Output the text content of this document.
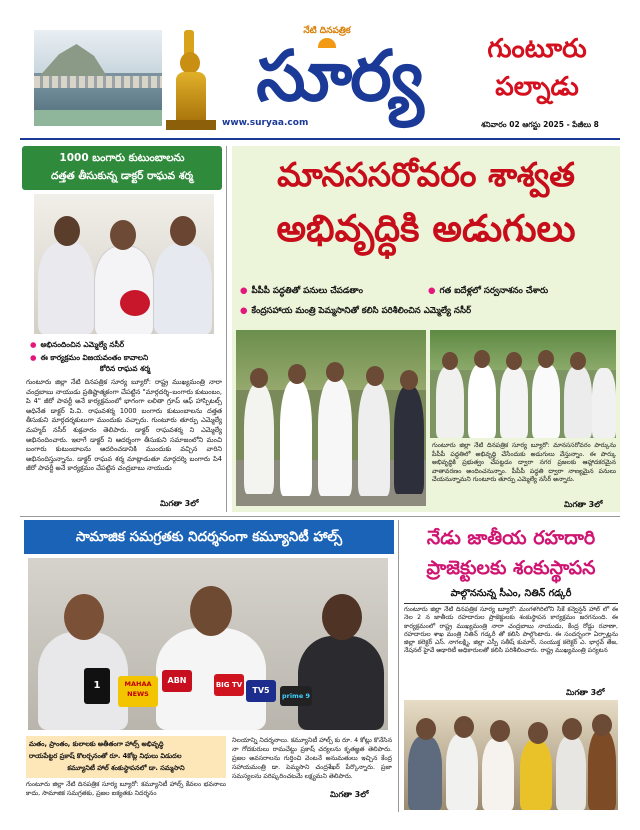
నేటి దినపత్రిక
సూర్య
www.suryaa.com
గుంటూరు
పల్నాడు
శనివారం 02 ఆగస్టు 2025 - పేజీలు 8
1000 బంగారు కుటుంబాలను
దత్తత తీసుకున్న డాక్టర్ రాఘవ శర్మ
● అభినందించిన ఎమ్మెల్యే నసీర్
● ఈ కార్యక్రమం విజయవంతం కావాలని
కోరిన రాఘవ శర్మ
గుంటూరు జిల్లా నేటి దినపత్రిక సూర్య బ్యూరో: రాష్ట్ర ముఖ్యమంత్రి నారా చంద్రబాబు నాయుడు ప్రతిష్టాత్మకంగా చేపట్టిన "మార్గదర్శి–బంగారు కుటుంబం, పి 4" జీరో పావర్టీ అనే కార్యక్రమంలో భాగంగా లలితా గ్రూప్ ఆఫ్ హాస్పిటల్స్ అధినేత డాక్టర్ పి.వి. రాఘవశర్మ 1000 బంగారు కుటుంబాలను దత్తత తీసుకుని మార్గదర్శకులుగా ముందుకు వచ్చారు. గుంటూరు తూర్పు ఎమ్మెల్యే మహ్మద్ నసీర్ శుక్రవారం తెలిపారు. డాక్టర్ రాఘవశర్మ ని ఎమ్మెల్యే అభినందించారు. ఇలాగే డాక్టర్ ని ఆదర్శంగా తీసుకుని సమాజంలోని మంచి బంగారు కుటుంబాలను ఆదరించడానికి ముందుకు వచ్చిన వారిని అభినందిస్తున్నాను. డాక్టర్ రాఘవ శర్మ మాట్లాడుతూ మార్గదర్శి బంగారు పి4 జీరో పావర్టీ అనే కార్యక్రమం చేపట్టిన చంద్రబాబు నాయుడు
మిగతా 3లో
మానససరోవరం శాశ్వత
అభివృద్ధికి అడుగులు
● పీపీపీ పద్ధతితో పనులు చేపడతాం
●	గత ఐదేళ్లలో సర్వనాశనం చేశారు
● కేంద్రసహాయ మంత్రి పెమ్మసానితో కలిసి పరిశీలించిన ఎమ్మెల్యే నసీర్
గుంటూరు జిల్లా నేటి దినపత్రిక సూర్య బ్యూరో: మానససరోవరం పార్కును పీపీపీ పద్ధతిలో అభివృద్ధి చేసేందుకు అడుగులు వేస్తున్నాం. ఈ పార్కు అభివృద్ధికి ప్రభుత్వం చేపట్టడం ద్వారా నగర ప్రజలకు ఆహ్లాదకరమైన వాతావరణం అందించనున్నాం. పీపీపీ పద్ధతి ద్వారా నాణ్యమైన పనులు చేయనున్నామని గుంటూరు తూర్పు ఎమ్మెల్యే నసీర్ అన్నారు.
మిగతా 3లో
సామాజిక సమగ్రతకు నిదర్శనంగా కమ్యూనిటీ హాల్స్
1	MAHAA NEWS
ABN	BIG TV
TV5
prime 9
మతం, ప్రాంతం, కులాలకు అతీతంగా హాల్స్ అభివృద్ధి
రాయపేట్టర ప్రకాష్ కొలర్చనంతో రూ. 4కోట్ల నిధులు విడుదల
కమ్యూనిటీ హాల్ శంకుస్థాపనలో డా. సమ్మసాని
గుంటూరు జిల్లా నేటి దినపత్రిక సూర్య బ్యూరో: కమ్యూనిటీ హాల్స్ కేవలం భవనాలు కాదు, సామాజిక సమగ్రతకు, ప్రజల ఐక్యతకు నిదర్శనం
నిలయాన్ని నిదర్శనాలు. కమ్యూనిటీ హాల్స్ కు రూ. 4 కోట్లు కొనేసిన నా గోదకురులు రామచేట్టు ప్రకాష్ చర్యలను కృతజ్ఞత తెలిపారు. ప్రజల అవసరాలను గుర్తించి వెంటనే అనుమతులు ఇచ్చిన కేంద్ర సహాయమంత్రి డా. పెమ్మసాని చంద్రశేఖర్ పేర్కొన్నారు. ప్రజా సమస్యలను పరిష్కరించటమే లక్ష్యమని తెలిపారు.
మిగతా 3లో
నేడు జాతీయ రహదారి
ప్రాజెక్టులకు శంకుస్థాపన
పాల్గొననున్న సీఎం, నితిన్ గడ్కరీ
గుంటూరు జిల్లా నేటి దినపత్రిక సూర్య బ్యూరో: మంగళగిరిలోని సీకే కన్వెన్షన్ హాల్ లో ఈ నెల 2 న జాతీయ రహదారుల ప్రాజెక్టులకు శంకుస్థాపన కార్యక్రమం జరగనుంది. ఈ కార్యక్రమంలో రాష్ట్ర ముఖ్యమంత్రి నారా చంద్రబాబు నాయుడు, కేంద్ర రోడ్డు రవాణా, రహదారుల శాఖ మంత్రి నితిన్ గడ్కరీ తో కలిసి పాల్గొంటారు. ఈ సందర్భంగా ఏర్పాట్లను జిల్లా కలెక్టర్ ఎస్. నాగలక్ష్మి, జిల్లా ఎస్పీ సతీష్ కుమార్, సంయుక్త కలెక్టర్ ఎ. భార్గవ్ తేజ, నేషనల్ హైవే అథారిటీ అధికారులతో కలిసి పరిశీలించారు. రాష్ట్ర ముఖ్యమంత్రి పర్యటన
మిగతా 3లో
